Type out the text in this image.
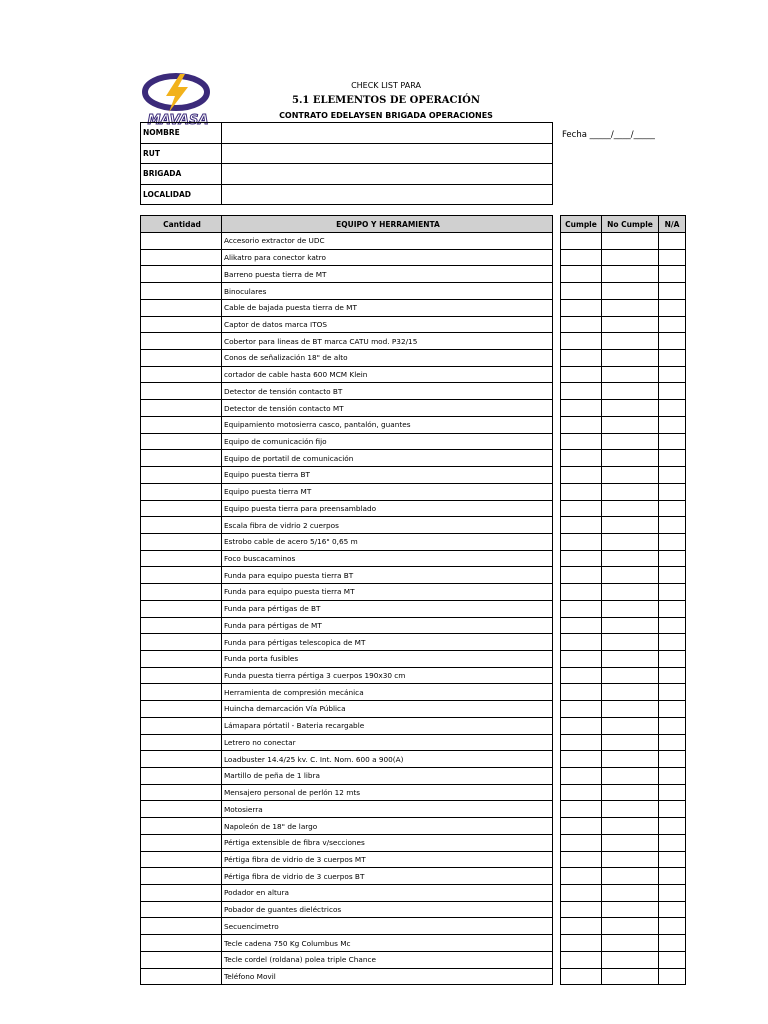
MAVASA
CHECK LIST PARA
5.1 ELEMENTOS DE OPERACIÓN
CONTRATO EDELAYSEN BRIGADA OPERACIONES
NOMBRE	
RUT	
BRIGADA	
LOCALIDAD	
Fecha _____/____/_____
Cantidad	EQUIPO Y HERRAMIENTA
	Accesorio extractor de UDC
	Alikatro para conector katro
	Barreno puesta tierra de MT
	Binoculares
	Cable de bajada puesta tierra de MT
	Captor de datos marca ITOS
	Cobertor para lineas de BT marca CATU mod. P32/15
	Conos de señalización 18" de alto
	cortador de cable hasta 600 MCM Klein
	Detector de tensión contacto BT
	Detector de tensión contacto MT
	Equipamiento motosierra casco, pantalón, guantes
	Equipo de comunicación fijo
	Equipo de portatil de comunicación
	Equipo puesta tierra BT
	Equipo puesta tierra MT
	Equipo puesta tierra para preensamblado
	Escala fibra de vidrio 2 cuerpos
	Estrobo cable de acero 5/16" 0,65 m
	Foco buscacaminos
	Funda para equipo puesta tierra BT
	Funda para equipo puesta tierra MT
	Funda para pértigas de BT
	Funda para pértigas de MT
	Funda para pértigas telescopica de MT
	Funda porta fusibles
	Funda puesta tierra pértiga 3 cuerpos 190x30 cm
	Herramienta de compresión mecánica
	Huincha demarcación Vía Pública
	Lámapara pórtatil - Bateria recargable
	Letrero no conectar
	Loadbuster 14.4/25 kv. C. Int. Nom. 600 a 900(A)
	Martillo de peña de 1 libra
	Mensajero personal de perlón 12 mts
	Motosierra
	Napoleón de 18" de largo
	Pértiga extensible de fibra v/secciones
	Pértiga fibra de vidrio de 3 cuerpos MT
	Pértiga fibra de vidrio de 3 cuerpos BT
	Podador en altura
	Pobador de guantes dieléctricos
	Secuencimetro
	Tecle cadena 750 Kg Columbus Mc
	Tecle cordel (roldana) polea triple Chance
	Teléfono Movil
Cumple	No Cumple	N/A
